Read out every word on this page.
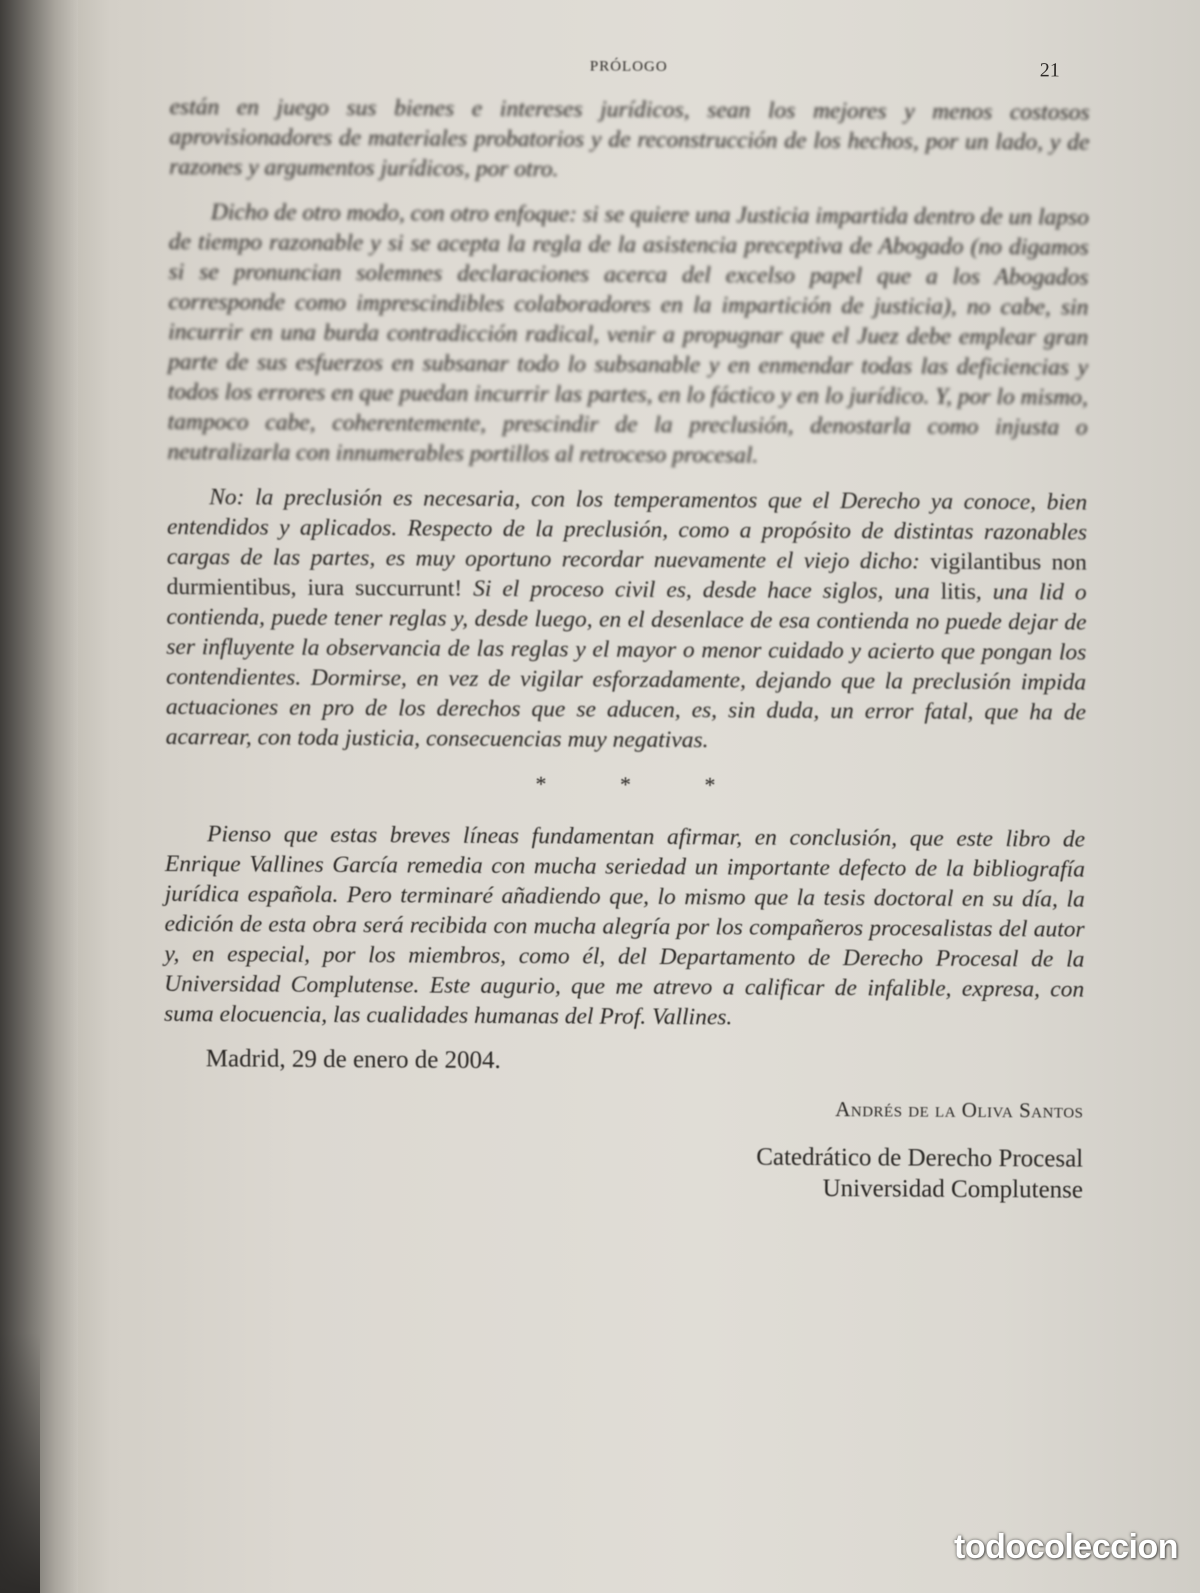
PRÓLOGO	21

están en juego sus bienes e intereses jurídicos, sean los mejores y menos costosos aprovisionadores de materiales probatorios y de reconstrucción de los hechos, por un lado, y de razones y argumentos jurídicos, por otro.

Dicho de otro modo, con otro enfoque: si se quiere una Justicia impartida dentro de un lapso de tiempo razonable y si se acepta la regla de la asistencia preceptiva de Abogado (no digamos si se pronuncian solemnes declaraciones acerca del excelso papel que a los Abogados corresponde como imprescindibles colaboradores en la impartición de justicia), no cabe, sin incurrir en una burda contradicción radical, venir a propugnar que el Juez debe emplear gran parte de sus esfuerzos en subsanar todo lo subsanable y en enmendar todas las deficiencias y todos los errores en que puedan incurrir las partes, en lo fáctico y en lo jurídico. Y, por lo mismo, tampoco cabe, coherentemente, prescindir de la preclusión, denostarla como injusta o neutralizarla con innumerables portillos al retroceso procesal.

No: la preclusión es necesaria, con los temperamentos que el Derecho ya conoce, bien entendidos y aplicados. Respecto de la preclusión, como a propósito de distintas razonables cargas de las partes, es muy oportuno recordar nuevamente el viejo dicho: vigilantibus non durmientibus, iura succurrunt! Si el proceso civil es, desde hace siglos, una litis, una lid o contienda, puede tener reglas y, desde luego, en el desenlace de esa contienda no puede dejar de ser influyente la observancia de las reglas y el mayor o menor cuidado y acierto que pongan los contendientes. Dormirse, en vez de vigilar esforzadamente, dejando que la preclusión impida actuaciones en pro de los derechos que se aducen, es, sin duda, un error fatal, que ha de acarrear, con toda justicia, consecuencias muy negativas.

* * *

Pienso que estas breves líneas fundamentan afirmar, en conclusión, que este libro de Enrique Vallines García remedia con mucha seriedad un importante defecto de la bibliografía jurídica española. Pero terminaré añadiendo que, lo mismo que la tesis doctoral en su día, la edición de esta obra será recibida con mucha alegría por los compañeros procesalistas del autor y, en especial, por los miembros, como él, del Departamento de Derecho Procesal de la Universidad Complutense. Este augurio, que me atrevo a calificar de infalible, expresa, con suma elocuencia, las cualidades humanas del Prof. Vallines.

Madrid, 29 de enero de 2004.
Andrés de la Oliva Santos
Catedrático de Derecho Procesal
Universidad Complutense
todocoleccion
